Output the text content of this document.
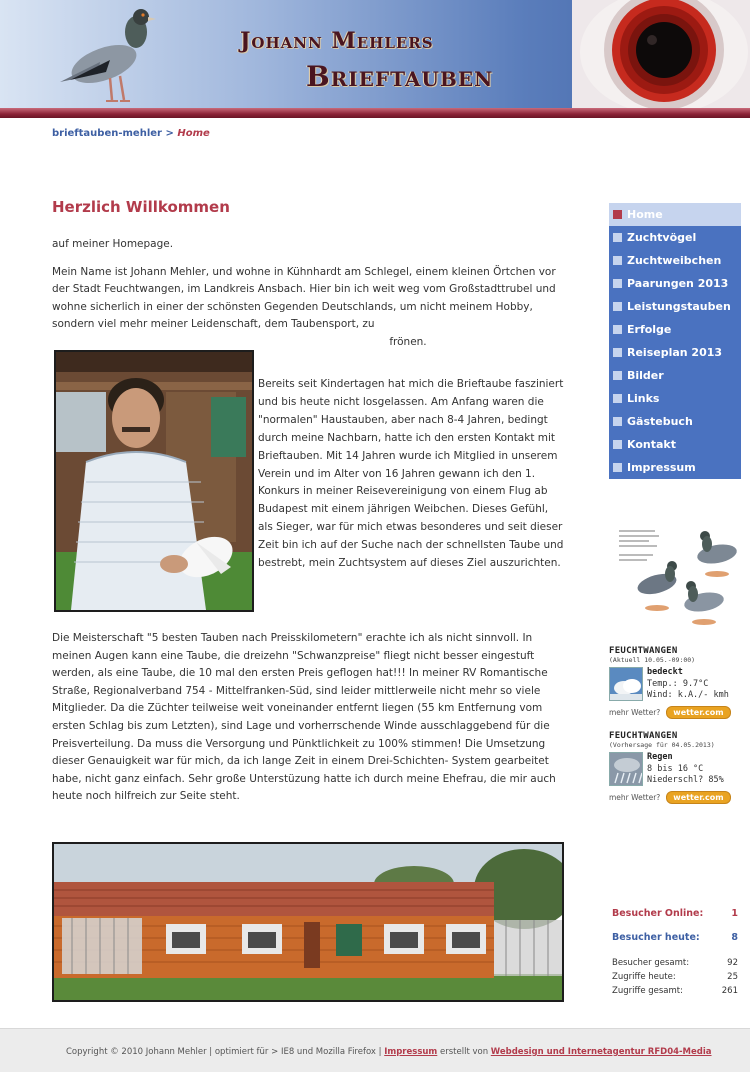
Johann Mehlers
Brieftauben
brieftauben-mehler > Home
Herzlich Willkommen

auf meiner Homepage.

Mein Name ist Johann Mehler, und wohne in Kühnhardt am Schlegel, einem kleinen Örtchen vor der Stadt Feuchtwangen, im Landkreis Ansbach. Hier bin ich weit weg vom Großstadttrubel und wohne sicherlich in einer der schönsten Gegenden Deutschlands, um nicht meinem Hobby, sondern viel mehr meiner Leidenschaft, dem Taubensport, zu

frönen.

Bereits seit Kindertagen hat mich die Brieftaube fasziniert und bis heute nicht losgelassen. Am Anfang waren die "normalen" Haustauben, aber nach 8-4 Jahren, bedingt durch meine Nachbarn, hatte ich den ersten Kontakt mit Brieftauben. Mit 14 Jahren wurde ich Mitglied in unserem Verein und im Alter von 16 Jahren gewann ich den 1. Konkurs in meiner Reisevereinigung von einem Flug ab Budapest mit einem jährigen Weibchen. Dieses Gefühl, als Sieger, war für mich etwas besonderes und seit dieser Zeit bin ich auf der Suche nach der schnellsten Taube und bestrebt, mein Zuchtsystem auf dieses Ziel auszurichten.

Die Meisterschaft "5 besten Tauben nach Preisskilometern" erachte ich als nicht sinnvoll. In meinen Augen kann eine Taube, die dreizehn "Schwanzpreise" fliegt nicht besser eingestuft werden, als eine Taube, die 10 mal den ersten Preis geflogen hat!!! In meiner RV Romantische Straße, Regionalverband 754 - Mittelfranken-Süd, sind leider mittlerweile nicht mehr so viele Mitglieder. Da die Züchter teilweise weit voneinander entfernt liegen (55 km Entfernung vom ersten Schlag bis zum Letzten), sind Lage und vorherrschende Winde ausschlaggebend für die Preisverteilung. Da muss die Versorgung und Pünktlichkeit zu 100% stimmen! Die Umsetzung dieser Genauigkeit war für mich, da ich lange Zeit in einem Drei-Schichten- System gearbeitet habe, nicht ganz einfach. Sehr große Unterstüzung hatte ich durch meine Ehefrau, die mir auch heute noch hilfreich zur Seite steht.

Home
Zuchtvögel
Zuchtweibchen
Paarungen 2013
Leistungstauben
Erfolge
Reiseplan 2013
Bilder
Links
Gästebuch
Kontakt
Impressum
FEUCHTWANGEN
(Aktuell 10.05.-09:00)
bedeckt
Temp.: 9.7°C
Wind: k.A./- kmh
mehr Wetter?	wetter.com
FEUCHTWANGEN
(Vorhersage für 04.05.2013)
Regen
8 bis 16 °C
Niederschl? 85%
mehr Wetter?	wetter.com
Besucher Online:	1
Besucher heute:	8
Besucher gesamt:	92
Zugriffe heute:	25
Zugriffe gesamt:	261
Copyright © 2010 Johann Mehler | optimiert für > IE8 und Mozilla Firefox | Impressum erstellt von Webdesign und Internetagentur RFD04-Media
